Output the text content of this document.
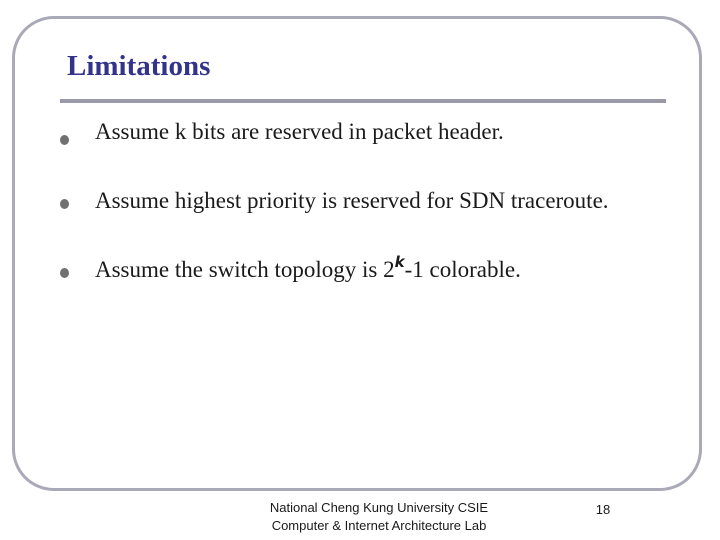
Limitations
Assume k bits are reserved in packet header.
Assume highest priority is reserved for SDN traceroute.
Assume the switch topology is 2$^k$-1 colorable.
National Cheng Kung University CSIE
Computer & Internet Architecture Lab
18
